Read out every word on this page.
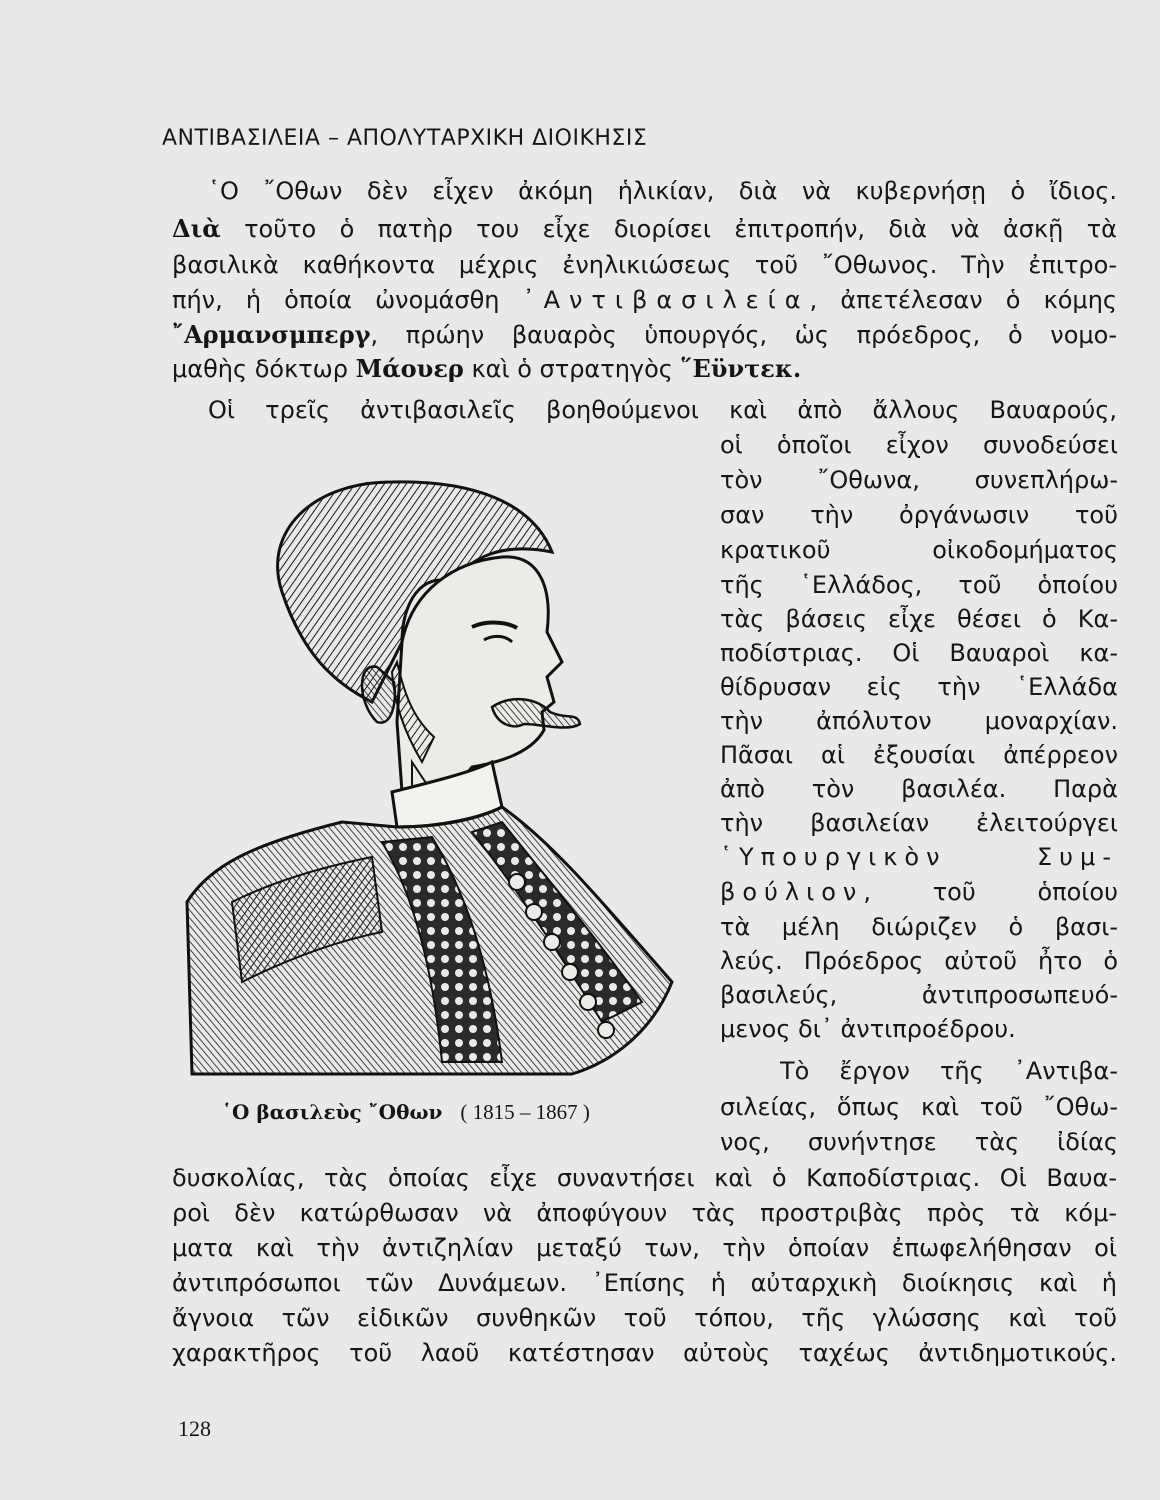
ΑΝΤΙΒΑΣΙΛΕΙΑ – ΑΠΟΛΥΤΑΡΧΙΚΗ ΔΙΟΙΚΗΣΙΣ
῾Ο ῎Οθων δὲν εἶχεν ἀκόμη ἡλικίαν, διὰ νὰ κυβερνήσῃ ὁ ἴδιος.
Διὰ τοῦτο ὁ πατὴρ του εἶχε διορίσει ἐπιτροπήν, διὰ νὰ ἀσκῇ τὰ
βασιλικὰ καθήκοντα μέχρις ἐνηλικιώσεως τοῦ ῎Οθωνος. Τὴν ἐπιτρο-
πήν, ἡ ὁποία ὠνομάσθη ᾿Αντιβασιλεία, ἀπετέλεσαν ὁ κόμης
῎Αρμανσμπεργ, πρώην βαυαρὸς ὑπουργός, ὡς πρόεδρος, ὁ νομο-
μαθὴς δόκτωρ Μάουερ καὶ ὁ στρατηγὸς ῞Εϋντεκ.
Οἱ τρεῖς ἀντιβασιλεῖς βοηθούμενοι καὶ ἀπὸ ἄλλους Βαυαρούς,
οἱ ὁποῖοι εἶχον συνοδεύσει
τὸν ῎Οθωνα, συνεπλήρω-
σαν τὴν ὀργάνωσιν τοῦ
κρατικοῦ οἰκοδομήματος
τῆς ῾Ελλάδος, τοῦ ὁποίου
τὰς βάσεις εἶχε θέσει ὁ Κα-
ποδίστριας. Οἱ Βαυαροὶ κα-
θίδρυσαν εἰς τὴν ῾Ελλάδα
τὴν ἀπόλυτον μοναρχίαν.
Πᾶσαι αἱ ἐξουσίαι ἀπέρρεον
ἀπὸ τὸν βασιλέα. Παρὰ
τὴν βασιλείαν ἐλειτούργει
῾Υπουργικὸν Συμ-
βούλιον, τοῦ ὁποίου
τὰ μέλη διώριζεν ὁ βασι-
λεύς. Πρόεδρος αὐτοῦ ἦτο ὁ
βασιλεύς, ἀντιπροσωπευό-
μενος δι᾿ ἀντιπροέδρου.
Τὸ ἔργον τῆς ᾿Αντιβα-
σιλείας, ὅπως καὶ τοῦ ῎Οθω-
νος, συνήντησε τὰς ἰδίας
δυσκολίας, τὰς ὁποίας εἶχε συναντήσει καὶ ὁ Καποδίστριας. Οἱ Βαυα-
ροὶ δὲν κατώρθωσαν νὰ ἀποφύγουν τὰς προστριβὰς πρὸς τὰ κόμ-
ματα καὶ τὴν ἀντιζηλίαν μεταξύ των, τὴν ὁποίαν ἐπωφελήθησαν οἱ
ἀντιπρόσωποι τῶν Δυνάμεων. ᾿Επίσης ἡ αὐταρχικὴ διοίκησις καὶ ἡ
ἄγνοια τῶν εἰδικῶν συνθηκῶν τοῦ τόπου, τῆς γλώσσης καὶ τοῦ
χαρακτῆρος τοῦ λαοῦ κατέστησαν αὐτοὺς ταχέως ἀντιδημοτικούς.
῾Ο βασιλεὺς ῎Οθων ( 1815 – 1867 )
128
